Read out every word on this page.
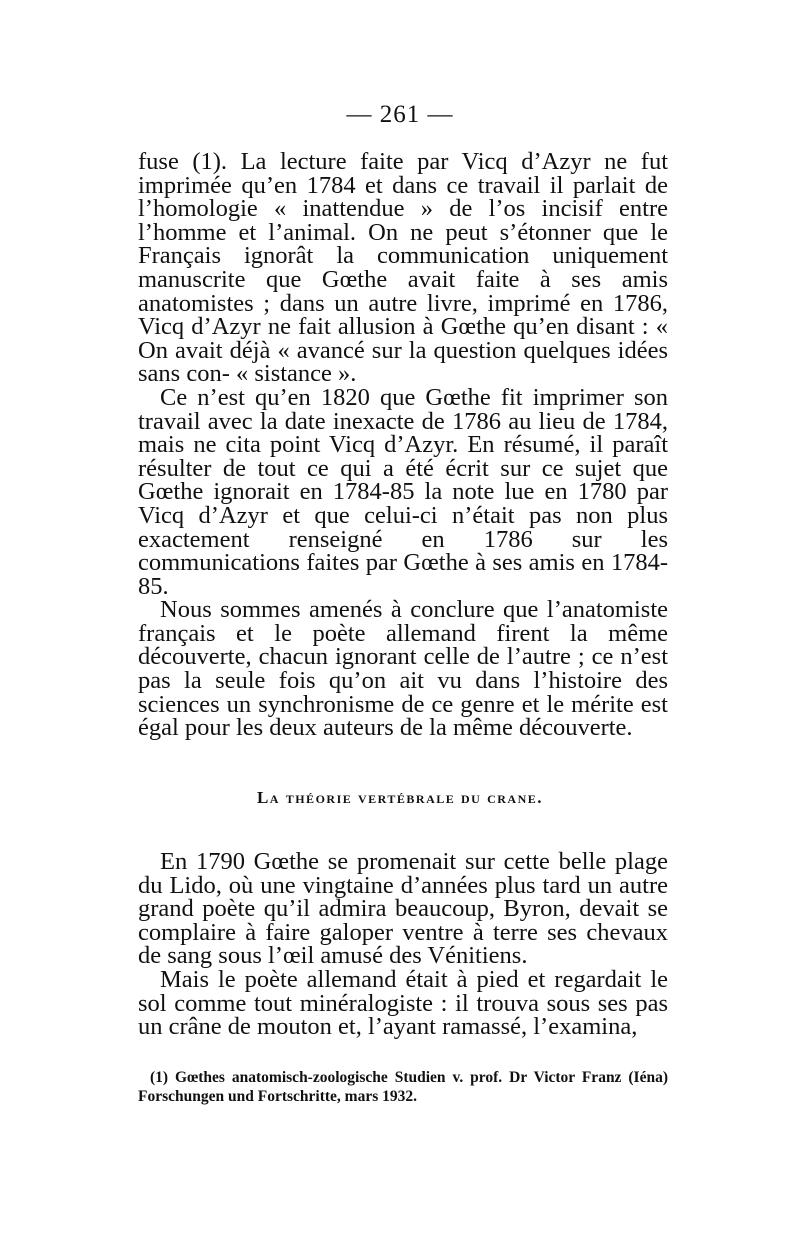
— 261 —

fuse (1). La lecture faite par Vicq d’Azyr ne fut imprimée qu’en 1784 et dans ce travail il parlait de l’homologie « inattendue » de l’os incisif entre l’homme et l’animal. On ne peut s’étonner que le Français ignorât la communication uniquement manuscrite que Gœthe avait faite à ses amis anatomistes ; dans un autre livre, imprimé en 1786, Vicq d’Azyr ne fait allusion à Gœthe qu’en disant : « On avait déjà « avancé sur la question quelques idées sans con- « sistance ».

Ce n’est qu’en 1820 que Gœthe fit imprimer son travail avec la date inexacte de 1786 au lieu de 1784, mais ne cita point Vicq d’Azyr. En résumé, il paraît résulter de tout ce qui a été écrit sur ce sujet que Gœthe ignorait en 1784-85 la note lue en 1780 par Vicq d’Azyr et que celui-ci n’était pas non plus exactement renseigné en 1786 sur les communications faites par Gœthe à ses amis en 1784-85.

Nous sommes amenés à conclure que l’anatomiste français et le poète allemand firent la même découverte, chacun ignorant celle de l’autre ; ce n’est pas la seule fois qu’on ait vu dans l’histoire des sciences un synchronisme de ce genre et le mérite est égal pour les deux auteurs de la même découverte.

La théorie vertébrale du crane.

En 1790 Gœthe se promenait sur cette belle plage du Lido, où une vingtaine d’années plus tard un autre grand poète qu’il admira beaucoup, Byron, devait se complaire à faire galoper ventre à terre ses chevaux de sang sous l’œil amusé des Vénitiens.

Mais le poète allemand était à pied et regardait le sol comme tout minéralogiste : il trouva sous ses pas un crâne de mouton et, l’ayant ramassé, l’examina,

(1) Gœthes anatomisch-zoologische Studien v. prof. Dr Victor Franz (Iéna) Forschungen und Fortschritte, mars 1932.
